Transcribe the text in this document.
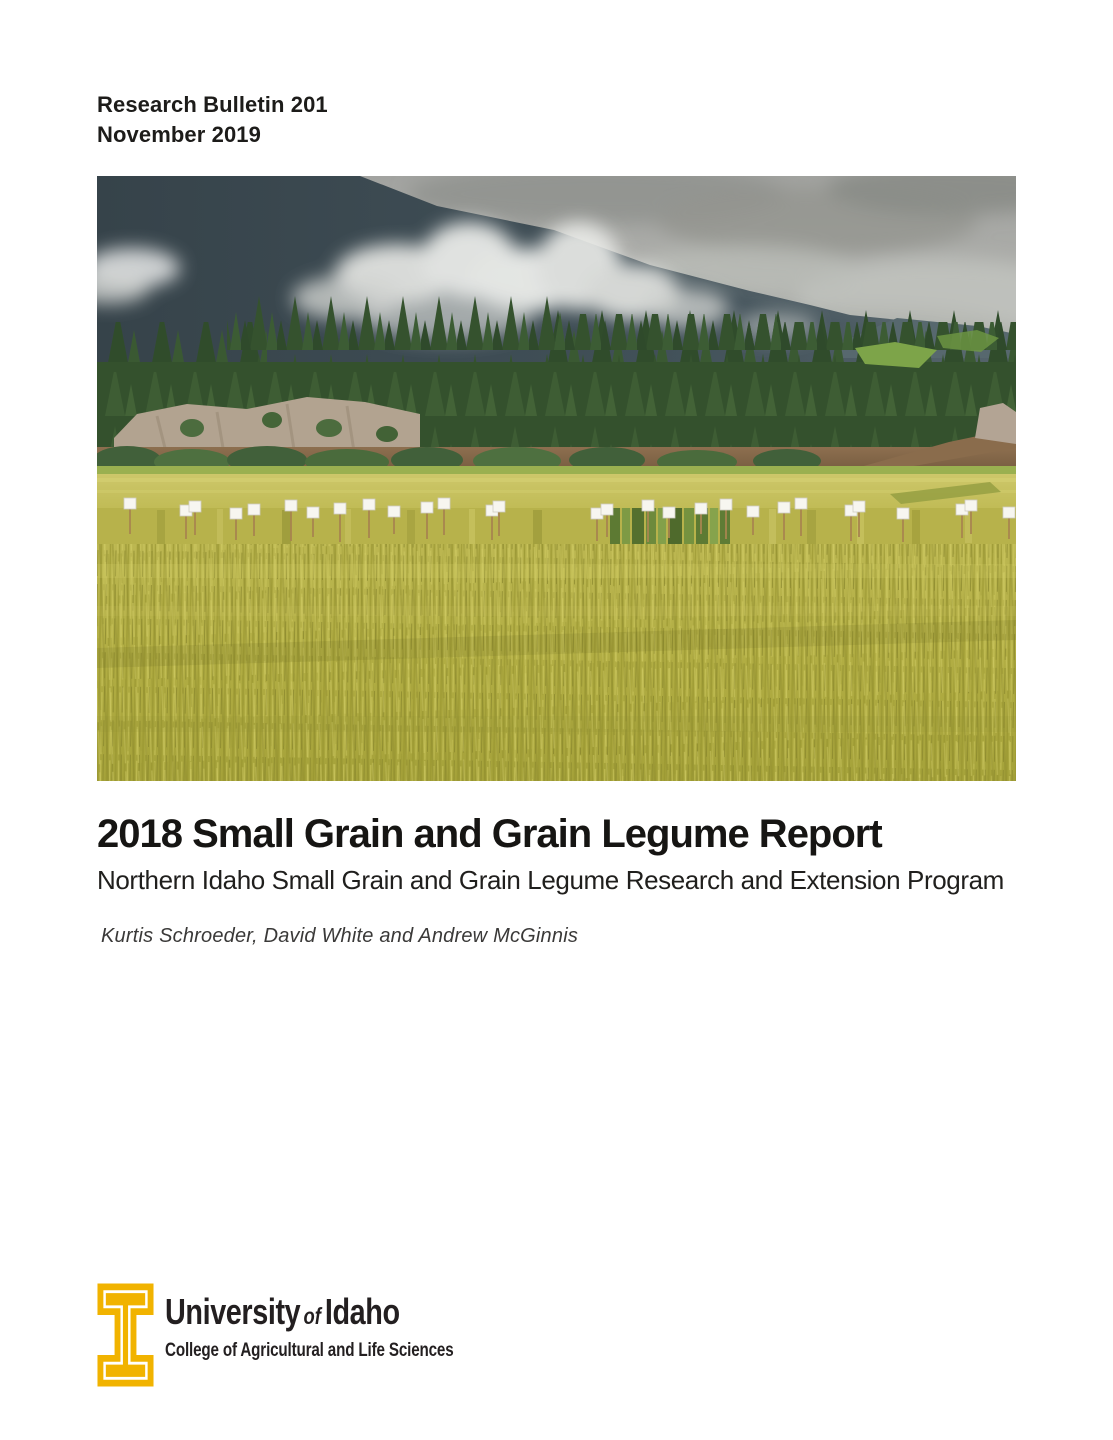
Research Bulletin 201
November 2019
2018 Small Grain and Grain Legume Report
Northern Idaho Small Grain and Grain Legume Research and Extension Program
Kurtis Schroeder, David White and Andrew McGinnis
University of Idaho
College of Agricultural and Life Sciences
